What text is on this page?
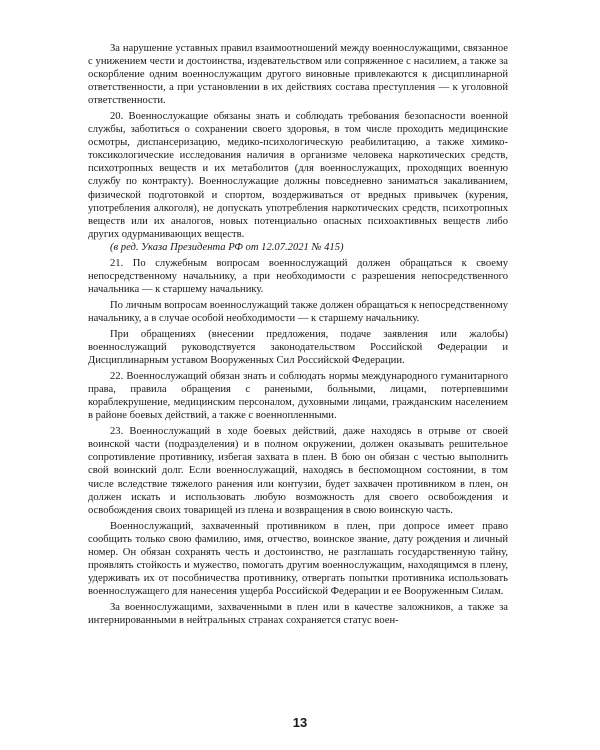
За нарушение уставных правил взаимоотношений между военнослужащими, связанное с унижением чести и достоинства, издевательством или сопряженное с насилием, а также за оскорбление одним военнослужащим другого виновные привлекаются к дисциплинарной ответственности, а при установлении в их действиях состава преступления — к уголовной ответственности.

20. Военнослужащие обязаны знать и соблюдать требования безопасности военной службы, заботиться о сохранении своего здоровья, в том числе проходить медицинские осмотры, диспансеризацию, медико-психологическую реабилитацию, а также химико-токсикологические исследования наличия в организме человека наркотических средств, психотропных веществ и их метаболитов (для военнослужащих, проходящих военную службу по контракту). Военнослужащие должны повседневно заниматься закаливанием, физической подготовкой и спортом, воздерживаться от вредных привычек (курения, употребления алкоголя), не допускать употребления наркотических средств, психотропных веществ или их аналогов, новых потенциально опасных психоактивных веществ либо других одурманивающих веществ.

(в ред. Указа Президента РФ от 12.07.2021 № 415)

21. По служебным вопросам военнослужащий должен обращаться к своему непосредственному начальнику, а при необходимости с разрешения непосредственного начальника — к старшему начальнику.

По личным вопросам военнослужащий также должен обращаться к непосредственному начальнику, а в случае особой необходимости — к старшему начальнику.

При обращениях (внесении предложения, подаче заявления или жалобы) военнослужащий руководствуется законодательством Российской Федерации и Дисциплинарным уставом Вооруженных Сил Российской Федерации.

22. Военнослужащий обязан знать и соблюдать нормы международного гуманитарного права, правила обращения с ранеными, больными, лицами, потерпевшими кораблекрушение, медицинским персоналом, духовными лицами, гражданским населением в районе боевых действий, а также с военнопленными.

23. Военнослужащий в ходе боевых действий, даже находясь в отрыве от своей воинской части (подразделения) и в полном окружении, должен оказывать решительное сопротивление противнику, избегая захвата в плен. В бою он обязан с честью выполнить свой воинский долг. Если военнослужащий, находясь в беспомощном состоянии, в том числе вследствие тяжелого ранения или контузии, будет захвачен противником в плен, он должен искать и использовать любую возможность для своего освобождения и освобождения своих товарищей из плена и возвращения в свою воинскую часть.

Военнослужащий, захваченный противником в плен, при допросе имеет право сообщить только свою фамилию, имя, отчество, воинское звание, дату рождения и личный номер. Он обязан сохранять честь и достоинство, не разглашать государственную тайну, проявлять стойкость и мужество, помогать другим военнослужащим, находящимся в плену, удерживать их от пособничества противнику, отвергать попытки противника использовать военнослужащего для нанесения ущерба Российской Федерации и ее Вооруженным Силам.

За военнослужащими, захваченными в плен или в качестве заложников, а также за интернированными в нейтральных странах сохраняется статус воен-

13
